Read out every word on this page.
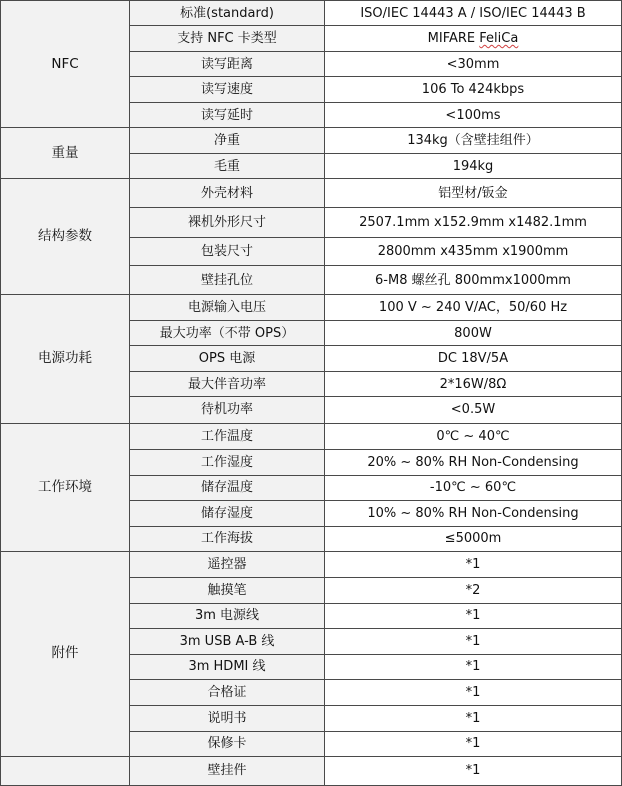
NFC	标准(standard)	ISO/IEC 14443 A / ISO/IEC 14443 B
	支持 NFC 卡类型	MIFARE FeliCa
	读写距离	<30mm
	读写速度	106 To 424kbps
	读写延时	<100ms
重量	净重	134kg（含壁挂组件）
	毛重	194kg
结构参数	外壳材料	铝型材/钣金
	裸机外形尺寸	2507.1mm x152.9mm x1482.1mm
	包装尺寸	2800mm x435mm x1900mm
	壁挂孔位	6-M8 螺丝孔 800mmx1000mm
电源功耗	电源输入电压	100 V ~ 240 V/AC，50/60 Hz
	最大功率（不带 OPS）	800W
	OPS 电源	DC 18V/5A
	最大伴音功率	2*16W/8Ω
	待机功率	<0.5W
工作环境	工作温度	0℃ ~ 40℃
	工作湿度	20% ~ 80% RH Non-Condensing
	储存温度	-10℃ ~ 60℃
	储存湿度	10% ~ 80% RH Non-Condensing
	工作海拔	≤5000m
附件	遥控器	*1
	触摸笔	*2
	3m 电源线	*1
	3m USB A-B 线	*1
	3m HDMI 线	*1
	合格证	*1
	说明书	*1
	保修卡	*1
	壁挂件	*1
